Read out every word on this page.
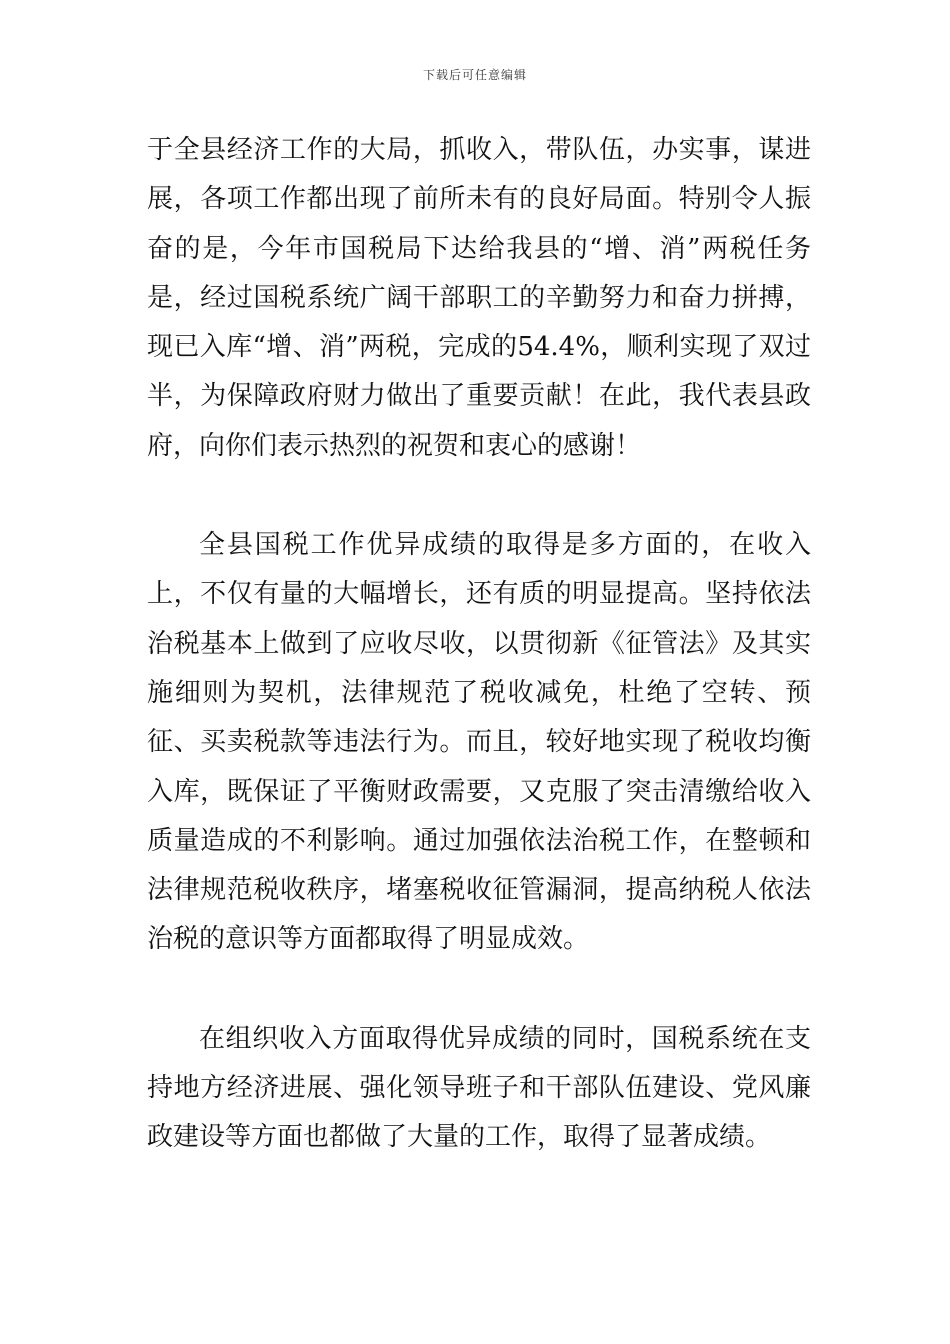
下载后可任意编辑

于全县经济工作的大局，抓收入，带队伍，办实事，谋进展，各项工作都出现了前所未有的良好局面。特别令人振奋的是，今年市国税局下达给我县的“增、消”两税任务是，经过国税系统广阔干部职工的辛勤努力和奋力拼搏，现已入库“增、消”两税，完成的54.4%，顺利实现了双过半，为保障政府财力做出了重要贡献！在此，我代表县政府，向你们表示热烈的祝贺和衷心的感谢！

全县国税工作优异成绩的取得是多方面的，在收入上，不仅有量的大幅增长，还有质的明显提高。坚持依法治税基本上做到了应收尽收，以贯彻新《征管法》及其实施细则为契机，法律规范了税收减免，杜绝了空转、预征、买卖税款等违法行为。而且，较好地实现了税收均衡入库，既保证了平衡财政需要，又克服了突击清缴给收入质量造成的不利影响。通过加强依法治税工作，在整顿和法律规范税收秩序，堵塞税收征管漏洞，提高纳税人依法治税的意识等方面都取得了明显成效。

在组织收入方面取得优异成绩的同时，国税系统在支持地方经济进展、强化领导班子和干部队伍建设、党风廉政建设等方面也都做了大量的工作，取得了显著成绩。
